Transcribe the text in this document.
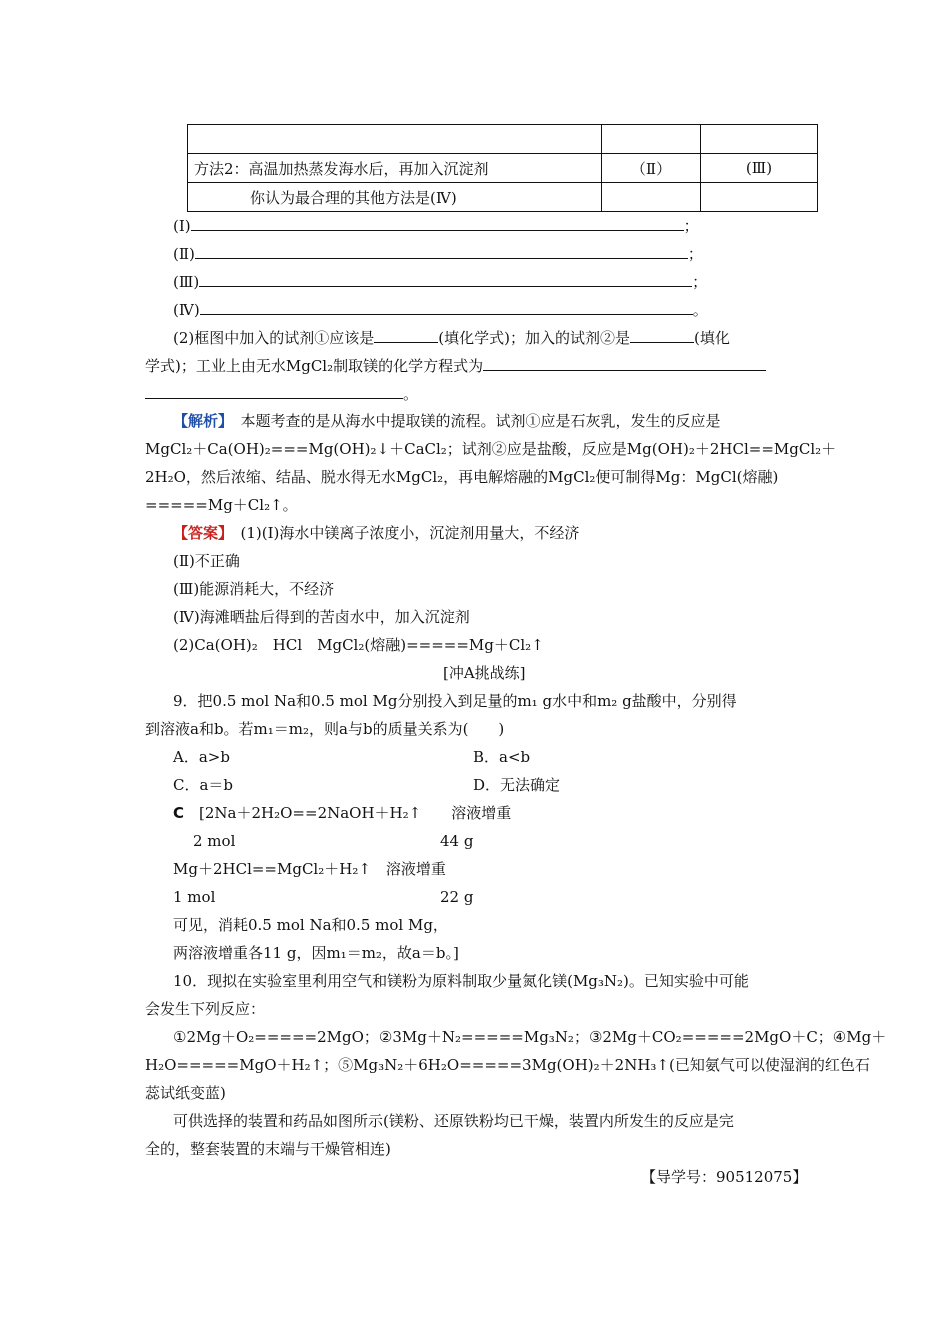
方法2：高温加热蒸发海水后，再加入沉淀剂	（Ⅱ）	(Ⅲ)
你认为最合理的其他方法是(Ⅳ)		
(Ⅰ)	；
(Ⅱ)	；
(Ⅲ)	；
(Ⅳ)	。
(2)框图中加入的试剂①应该是	(填化学式)；加入的试剂②是	(填化
学式)；工业上由无水MgCl₂制取镁的化学方程式为
。
【解析】　 本题考查的是从海水中提取镁的流程。试剂①应是石灰乳，发生的反应是
MgCl₂＋Ca(OH)₂===Mg(OH)₂↓＋CaCl₂；试剂②应是盐酸，反应是Mg(OH)₂＋2HCl==MgCl₂＋
2H₂O，然后浓缩、结晶、脱水得无水MgCl₂，再电解熔融的MgCl₂便可制得Mg：MgCl(熔融)
=====Mg＋Cl₂↑。
【答案】　 (1)(Ⅰ)海水中镁离子浓度小，沉淀剂用量大，不经济
(Ⅱ)不正确
(Ⅲ)能源消耗大，不经济
(Ⅳ)海滩晒盐后得到的苦卤水中，加入沉淀剂
(2)Ca(OH)₂　HCl　MgCl₂(熔融)=====Mg＋Cl₂↑
[冲A挑战练]
9．把0.5 mol Na和0.5 mol Mg分别投入到足量的m₁ g水中和m₂ g盐酸中，分别得
到溶液a和b。若m₁＝m₂，则a与b的质量关系为(　　)
A．a>b	B．a<b
C．a＝b	D．无法确定
C　 [2Na＋2H₂O==2NaOH＋H₂↑　　溶液增重
2 mol	44 g
Mg＋2HCl==MgCl₂＋H₂↑　溶液增重
1 mol	22 g
可见，消耗0.5 mol Na和0.5 mol Mg，
两溶液增重各11 g，因m₁＝m₂，故a＝b。]
10．现拟在实验室里利用空气和镁粉为原料制取少量氮化镁(Mg₃N₂)。已知实验中可能
会发生下列反应：
①2Mg＋O₂=====2MgO；②3Mg＋N₂=====Mg₃N₂；③2Mg＋CO₂=====2MgO＋C；④Mg＋
H₂O=====MgO＋H₂↑；⑤Mg₃N₂＋6H₂O=====3Mg(OH)₂＋2NH₃↑(已知氨气可以使湿润的红色石
蕊试纸变蓝)
可供选择的装置和药品如图所示(镁粉、还原铁粉均已干燥，装置内所发生的反应是完
全的，整套装置的末端与干燥管相连)
【导学号：90512075】
